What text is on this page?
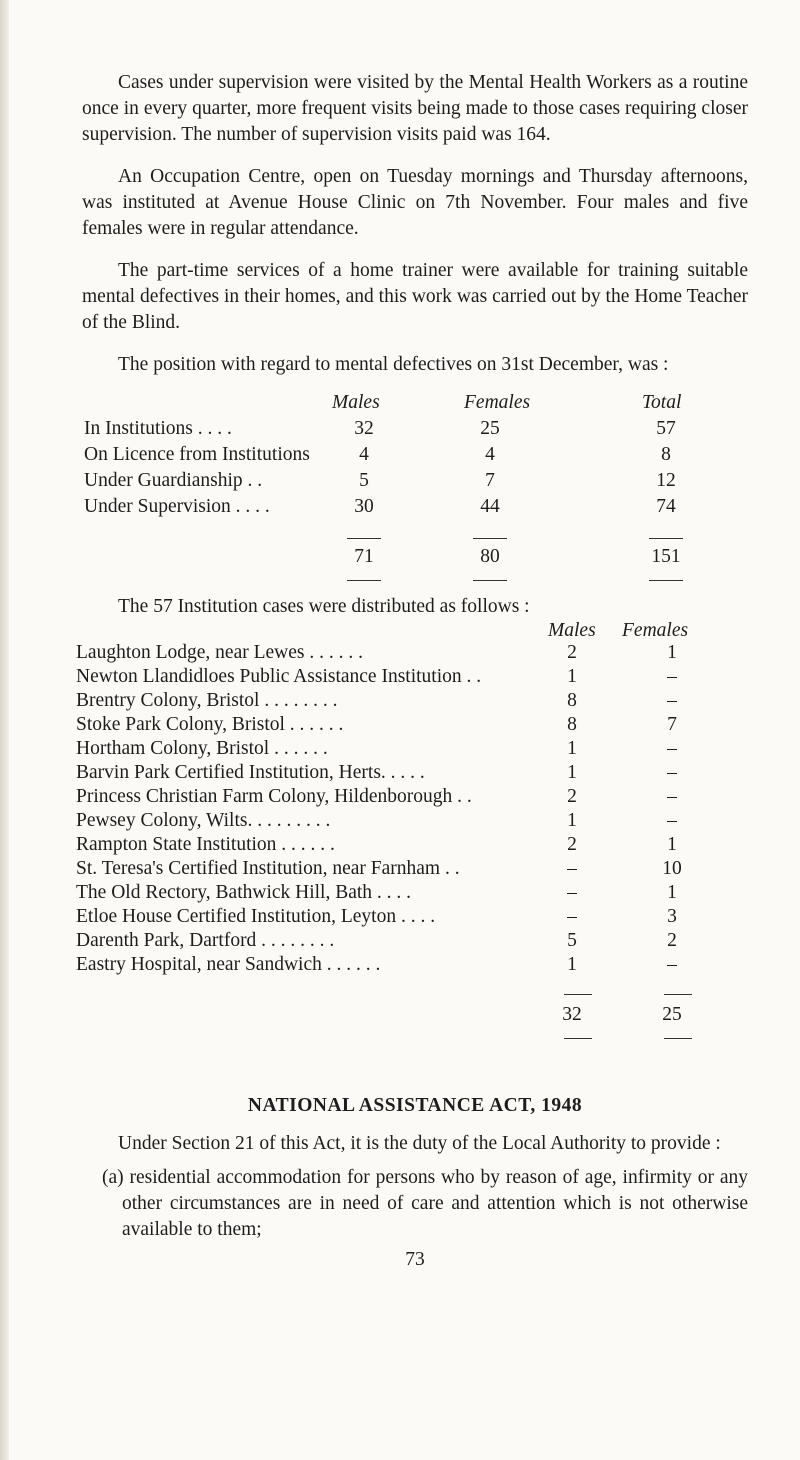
Cases under supervision were visited by the Mental Health Workers as a routine once in every quarter, more frequent visits being made to those cases requiring closer supervision. The number of supervision visits paid was 164.

An Occupation Centre, open on Tuesday mornings and Thursday afternoons, was instituted at Avenue House Clinic on 7th November. Four males and five females were in regular attendance.

The part-time services of a home trainer were available for training suitable mental defectives in their homes, and this work was carried out by the Home Teacher of the Blind.

The position with regard to mental defectives on 31st December, was :

Males	Females	Total
In Institutions . . . .	32	25	57
On Licence from Institutions	4	4	8
Under Guardianship . .	5	7	12
Under Supervision . . . .	30	44	74
71	80	151

The 57 Institution cases were distributed as follows :

Males Females
Laughton Lodge, near Lewes . . . . . .	2	1
Newton Llandidloes Public Assistance Institution . .	1	–
Brentry Colony, Bristol . . . . . . . .	8	–
Stoke Park Colony, Bristol . . . . . .	8	7
Hortham Colony, Bristol . . . . . .	1	–
Barvin Park Certified Institution, Herts. . . . .	1	–
Princess Christian Farm Colony, Hildenborough . .	2	–
Pewsey Colony, Wilts. . . . . . . . .	1	–
Rampton State Institution . . . . . .	2	1
St. Teresa's Certified Institution, near Farnham . .	–	10
The Old Rectory, Bathwick Hill, Bath . . . .	–	1
Etloe House Certified Institution, Leyton . . . .	–	3
Darenth Park, Dartford . . . . . . . .	5	2
Eastry Hospital, near Sandwich . . . . . .	1	–
32	25
NATIONAL ASSISTANCE ACT, 1948

Under Section 21 of this Act, it is the duty of the Local Authority to provide :

(a) residential accommodation for persons who by reason of age, infirmity or any other circumstances are in need of care and attention which is not otherwise available to them;

73
